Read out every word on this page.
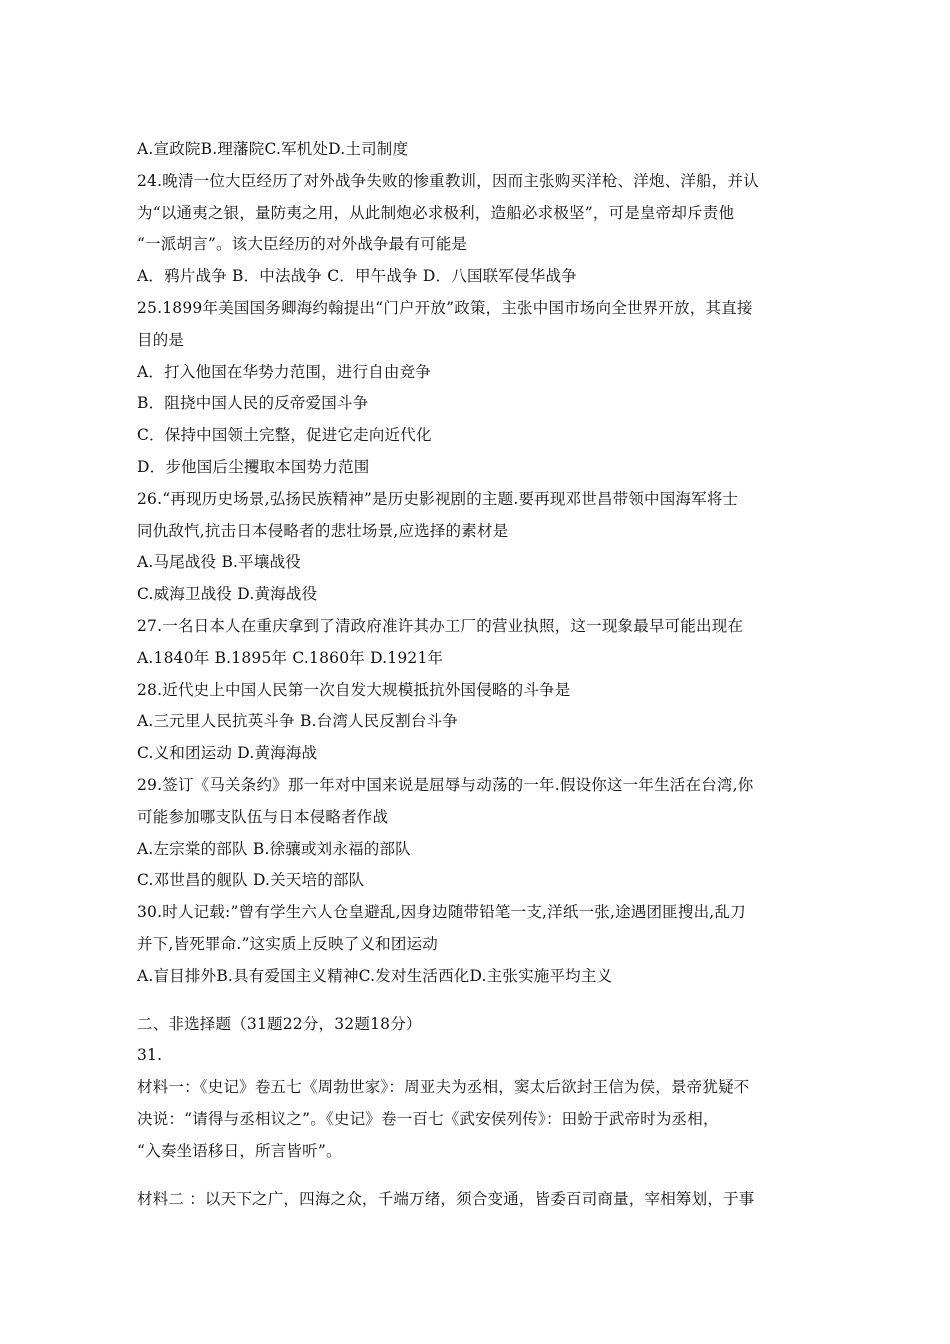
A.宣政院B.理藩院C.军机处D.土司制度
24.晚清一位大臣经历了对外战争失败的惨重教训，因而主张购买洋枪、洋炮、洋船，并认
为“以通夷之银，量防夷之用，从此制炮必求极利，造船必求极坚”，可是皇帝却斥责他
“一派胡言”。该大臣经历的对外战争最有可能是
A．鸦片战争 B．中法战争 C．甲午战争 D．八国联军侵华战争
25.1899年美国国务卿海约翰提出“门户开放”政策，主张中国市场向全世界开放，其直接
目的是
A．打入他国在华势力范围，进行自由竞争
B．阻挠中国人民的反帝爱国斗争
C．保持中国领土完整，促进它走向近代化
D．步他国后尘攫取本国势力范围
26.“再现历史场景,弘扬民族精神”是历史影视剧的主题.要再现邓世昌带领中国海军将士
同仇敌忾,抗击日本侵略者的悲壮场景,应选择的素材是
A.马尾战役 B.平壤战役
C.威海卫战役 D.黄海战役
27.一名日本人在重庆拿到了清政府准许其办工厂的营业执照，这一现象最早可能出现在
A.1840年 B.1895年 C.1860年 D.1921年
28.近代史上中国人民第一次自发大规模抵抗外国侵略的斗争是
A.三元里人民抗英斗争 B.台湾人民反割台斗争
C.义和团运动 D.黄海海战
29.签订《马关条约》那一年对中国来说是屈辱与动荡的一年.假设你这一年生活在台湾,你
可能参加哪支队伍与日本侵略者作战
A.左宗棠的部队 B.徐骧或刘永福的部队
C.邓世昌的舰队 D.关天培的部队
30.时人记载:”曾有学生六人仓皇避乱,因身边随带铅笔一支,洋纸一张,途遇团匪搜出,乱刀
并下,皆死罪命.”这实质上反映了义和团运动
A.盲目排外B.具有爱国主义精神C.发对生活西化D.主张实施平均主义
二、非选择题（31题22分，32题18分）
31.
材料一：《史记》卷五七《周勃世家》：周亚夫为丞相，窦太后欲封王信为侯，景帝犹疑不
决说：“请得与丞相议之”。《史记》卷一百七《武安侯列传》：田蚡于武帝时为丞相，
“入奏坐语移日，所言皆听”。
材料二 ：以天下之广，四海之众，千端万绪，须合变通，皆委百司商量，宰相筹划，于事
